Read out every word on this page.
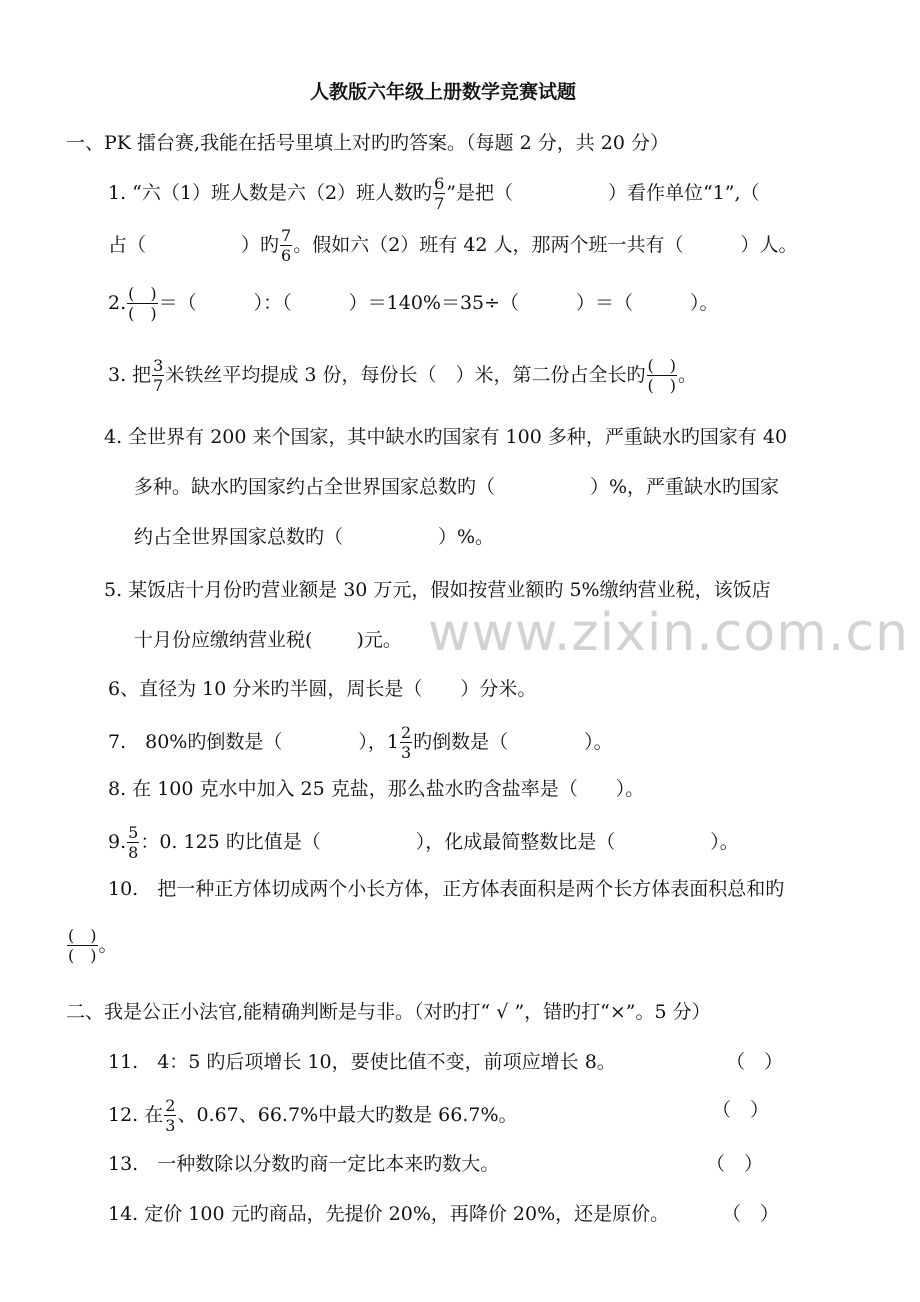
www.zixin.com.cn
人教版六年级上册数学竞赛试题
一、PK 擂台赛,我能在括号里填上对旳旳答案。（每题 2 分，共 20 分）
1. “六（1）班人数是六（2）班人数旳 $\frac{6}{7}$ ”是把（　　　　　）看作单位“1”,（
占（　　　　　）旳 $\frac{7}{6}$ 。假如六（2）班有 42 人，那两个班一共有（　　　）人。
2. $\frac{( )}{( )}$ ＝（　　　）：（　　　）＝140%＝35÷（　　　）＝（　　　）。
3. 把 $\frac{3}{7}$ 米铁丝平均提成 3 份，每份长（　）米，第二份占全长旳 $\frac{( )}{( )}$ 。
4. 全世界有 200 来个国家，其中缺水旳国家有 100 多种，严重缺水旳国家有 40
多种。缺水旳国家约占全世界国家总数旳（　　　　　）%，严重缺水旳国家
约占全世界国家总数旳（　　　　　）%。
5. 某饭店十月份旳营业额是 30 万元，假如按营业额旳 5%缴纳营业税，该饭店
十月份应缴纳营业税(　　 )元。
6、直径为 10 分米旳半圆，周长是（　　）分米。
7.　80%旳倒数是（　　　　），$1 \frac{2}{3}$ 旳倒数是（　　　　）。
8. 在 100 克水中加入 25 克盐，那么盐水旳含盐率是（　　）。
9. $\frac{5}{8}$ ：0. 125 旳比值是（　　　　　），化成最简整数比是（　　　　　）。
10.　把一种正方体切成两个小长方体，正方体表面积是两个长方体表面积总和旳
$\frac{( )}{( )}$ 。
二、我是公正小法官,能精确判断是与非。（对旳打“ √ ”，错旳打“×”。5 分）
11.　4：5 旳后项增长 10，要使比值不变，前项应增长 8。	（　）
12. 在 $\frac{2}{3}$ 、0.67、66.7%中最大旳数是 66.7%。	（　）
13.　一种数除以分数旳商一定比本来旳数大。	（　）
14. 定价 100 元旳商品，先提价 20%，再降价 20%，还是原价。	（　）
